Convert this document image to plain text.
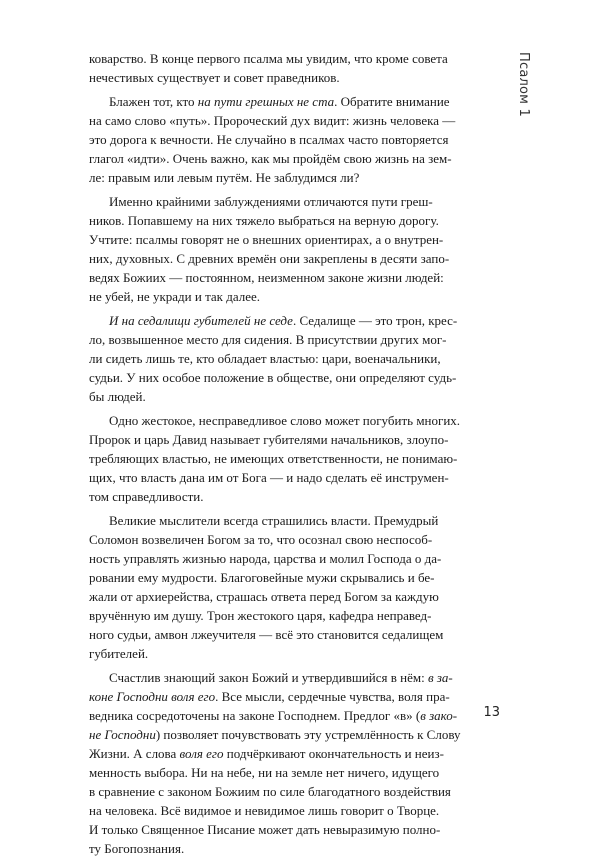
Псалом 1

коварство. В конце первого псалма мы увидим, что кроме совета
нечестивых существует и совет праведников.

Блажен тот, кто на пути грешных не ста. Обратите внимание
на само слово «путь». Пророческий дух видит: жизнь человека —
это дорога к вечности. Не случайно в псалмах часто повторяется
глагол «идти». Очень важно, как мы пройдём свою жизнь на зем-
ле: правым или левым путём. Не заблудимся ли?

Именно крайними заблуждениями отличаются пути греш-
ников. Попавшему на них тяжело выбраться на верную дорогу.
Учтите: псалмы говорят не о внешних ориентирах, а о внутрен-
них, духовных. С древних времён они закреплены в десяти запо-
ведях Божиих — постоянном, неизменном законе жизни людей:
не убей, не укради и так далее.

И на седалищи губителей не седе. Седалище — это трон, крес-
ло, возвышенное место для сидения. В присутствии других мог-
ли сидеть лишь те, кто обладает властью: цари, военачальники,
судьи. У них особое положение в обществе, они определяют судь-
бы людей.

Одно жестокое, несправедливое слово может погубить многих.
Пророк и царь Давид называет губителями начальников, злоупо-
требляющих властью, не имеющих ответственности, не понимаю-
щих, что власть дана им от Бога — и надо сделать её инструмен-
том справедливости.

Великие мыслители всегда страшились власти. Премудрый
Соломон возвеличен Богом за то, что осознал свою неспособ-
ность управлять жизнью народа, царства и молил Господа о да-
ровании ему мудрости. Благоговейные мужи скрывались и бе-
жали от архиерейства, страшась ответа перед Богом за каждую
вручённую им душу. Трон жестокого царя, кафедра неправед-
ного судьи, амвон лжеучителя — всё это становится седалищем
губителей.

Счастлив знающий закон Божий и утвердившийся в нём: в за-
коне Господни воля его. Все мысли, сердечные чувства, воля пра-
ведника сосредоточены на законе Господнем. Предлог «в» (в зако-
не Господни) позволяет почувствовать эту устремлённость к Слову
Жизни. А слова воля его подчёркивают окончательность и неиз-
менность выбора. Ни на небе, ни на земле нет ничего, идущего
в сравнение с законом Божиим по силе благодатного воздействия
на человека. Всё видимое и невидимое лишь говорит о Творце.
И только Священное Писание может дать невыразимую полно-
ту Богопознания.

13
